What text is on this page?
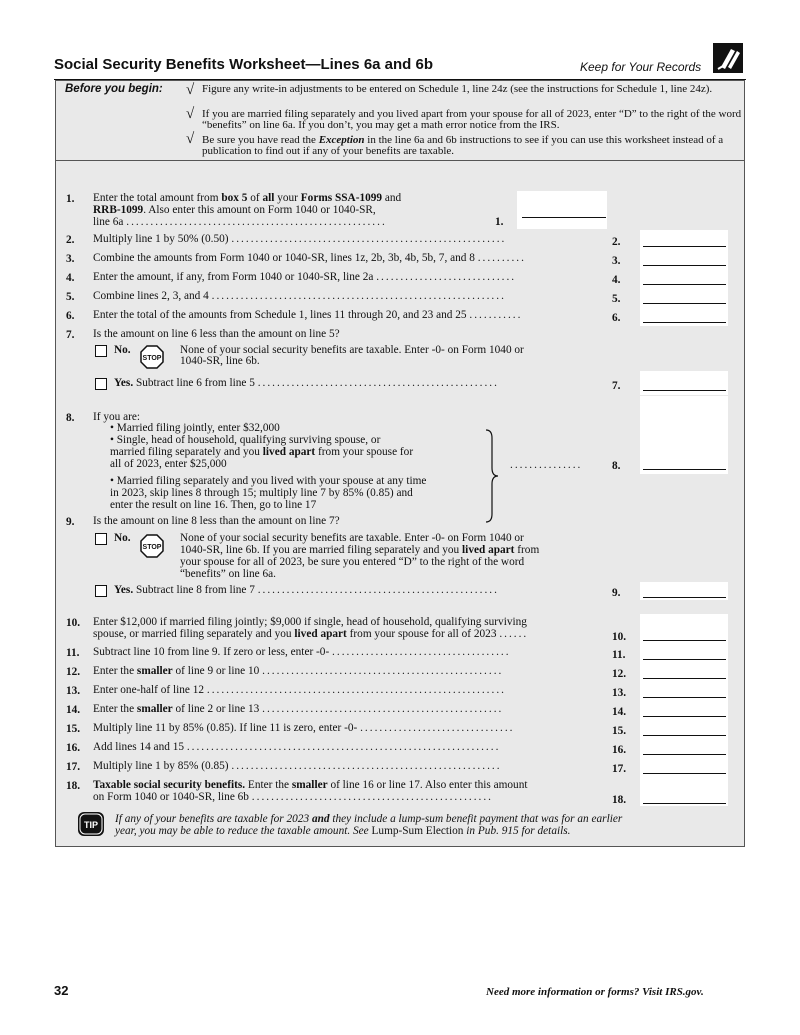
Social Security Benefits Worksheet—Lines 6a and 6b	Keep for Your Records
Before you begin: √ Figure any write-in adjustments to be entered on Schedule 1, line 24z (see the instructions for Schedule 1, line 24z).
√ If you are married filing separately and you lived apart from your spouse for all of 2023, enter “D” to the right of the word “benefits” on line 6a. If you don’t, you may get a math error notice from the IRS.
√ Be sure you have read the Exception in the line 6a and 6b instructions to see if you can use this worksheet instead of a publication to find out if any of your benefits are taxable.
1.	Enter the total amount from box 5 of all your Forms SSA-1099 and
RRB-1099. Also enter this amount on Form 1040 or 1040-SR,
line 6a ......................................................	1.
2.	Multiply line 1 by 50% (0.50) .........................................................	2.
3.	Combine the amounts from Form 1040 or 1040-SR, lines 1z, 2b, 3b, 4b, 5b, 7, and 8 ..........	3.
4.	Enter the amount, if any, from Form 1040 or 1040-SR, line 2a .............................	4.
5.	Combine lines 2, 3, and 4 .............................................................	5.
6.	Enter the total of the amounts from Schedule 1, lines 11 through 20, and 23 and 25 ...........	6.
7.	Is the amount on line 6 less than the amount on line 5?
No.
STOP
None of your social security benefits are taxable. Enter -0- on Form 1040 or
1040-SR, line 6b.
Yes. Subtract line 6 from line 5 ..................................................	7.
8.	If you are:
• Married filing jointly, enter $32,000
• Single, head of household, qualifying surviving spouse, or
married filing separately and you lived apart from your spouse for
all of 2023, enter $25,000
• Married filing separately and you lived with your spouse at any time
in 2023, skip lines 8 through 15; multiply line 7 by 85% (0.85) and
enter the result on line 16. Then, go to line 17
...............	8.
9.	Is the amount on line 8 less than the amount on line 7?
No.
STOP
None of your social security benefits are taxable. Enter -0- on Form 1040 or
1040-SR, line 6b. If you are married filing separately and you lived apart from
your spouse for all of 2023, be sure you entered “D” to the right of the word
“benefits” on line 6a.
Yes. Subtract line 8 from line 7 ..................................................	9.
10.	Enter $12,000 if married filing jointly; $9,000 if single, head of household, qualifying surviving
spouse, or married filing separately and you lived apart from your spouse for all of 2023 ......	10.
11.	Subtract line 10 from line 9. If zero or less, enter -0- .....................................	11.
12.	Enter the smaller of line 9 or line 10 ..................................................	12.
13.	Enter one-half of line 12 ..............................................................	13.
14.	Enter the smaller of line 2 or line 13 ..................................................	14.
15.	Multiply line 11 by 85% (0.85). If line 11 is zero, enter -0- ................................	15.
16.	Add lines 14 and 15 .................................................................	16.
17.	Multiply line 1 by 85% (0.85) ........................................................	17.
18.	Taxable social security benefits. Enter the smaller of line 16 or line 17. Also enter this amount
on Form 1040 or 1040-SR, line 6b ..................................................	18.
TIP If any of your benefits are taxable for 2023 and they include a lump-sum benefit payment that was for an earlier
year, you may be able to reduce the taxable amount. See Lump-Sum Election in Pub. 915 for details.
32	Need more information or forms? Visit IRS.gov.
